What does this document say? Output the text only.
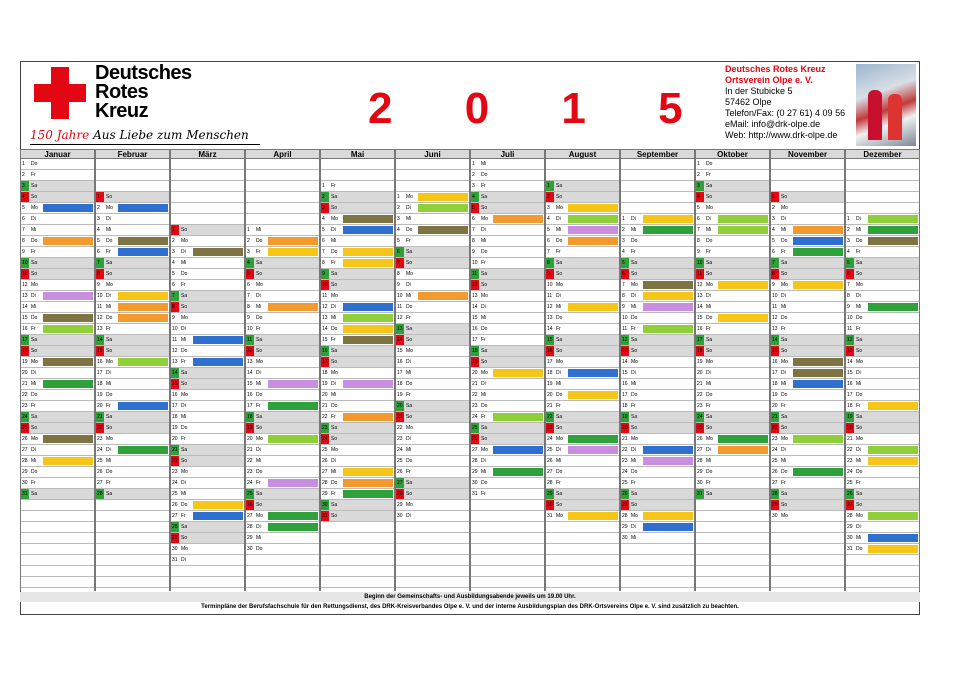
Deutsches
Rotes
Kreuz
150 Jahre Aus Liebe zum Menschen
2 0 1 5
Deutsches Rotes Kreuz
Ortsverein Olpe e. V.
In der Stubicke 5
57462 Olpe
Telefon/Fax: (0 27 61) 4 09 56
eMail: info@drk-olpe.de
Web: http://www.drk-olpe.de
Januar
1 Do
2 Fr
3 Sa
4 So
5 Mo
6 Di
7 Mi
8 Do
9 Fr
10 Sa
11 So
12 Mo
13 Di
14 Mi
15 Do
16 Fr
17 Sa
18 So
19 Mo
20 Di
21 Mi
22 Do
23 Fr
24 Sa
25 So
26 Mo
27 Di
28 Mi
29 Do
30 Fr
31 Sa
Februar
1 So
2 Mo
3 Di
4 Mi
5 Do
6 Fr
7 Sa
8 So
9 Mo
10 Di
11 Mi
12 Do
13 Fr
14 Sa
15 So
16 Mo
17 Di
18 Mi
19 Do
20 Fr
21 Sa
22 So
23 Mo
24 Di
25 Mi
26 Do
27 Fr
28 Sa
März
1 So
2 Mo
3 Di
4 Mi
5 Do
6 Fr
7 Sa
8 So
9 Mo
10 Di
11 Mi
12 Do
13 Fr
14 Sa
15 So
16 Mo
17 Di
18 Mi
19 Do
20 Fr
21 Sa
22 So
23 Mo
24 Di
25 Mi
26 Do
27 Fr
28 Sa
29 So
30 Mo
31 Di
April
1 Mi
2 Do
3 Fr
4 Sa
5 So
6 Mo
7 Di
8 Mi
9 Do
10 Fr
11 Sa
12 So
13 Mo
14 Di
15 Mi
16 Do
17 Fr
18 Sa
19 So
20 Mo
21 Di
22 Mi
23 Do
24 Fr
25 Sa
26 So
27 Mo
28 Di
29 Mi
30 Do
Mai
1 Fr
2 Sa
3 So
4 Mo
5 Di
6 Mi
7 Do
8 Fr
9 Sa
10 So
11 Mo
12 Di
13 Mi
14 Do
15 Fr
16 Sa
17 So
18 Mo
19 Di
20 Mi
21 Do
22 Fr
23 Sa
24 So
25 Mo
26 Di
27 Mi
28 Do
29 Fr
30 Sa
31 So
Juni
1 Mo
2 Di
3 Mi
4 Do
5 Fr
6 Sa
7 So
8 Mo
9 Di
10 Mi
11 Do
12 Fr
13 Sa
14 So
15 Mo
16 Di
17 Mi
18 Do
19 Fr
20 Sa
21 So
22 Mo
23 Di
24 Mi
25 Do
26 Fr
27 Sa
28 So
29 Mo
30 Di
Juli
1 Mi
2 Do
3 Fr
4 Sa
5 So
6 Mo
7 Di
8 Mi
9 Do
10 Fr
11 Sa
12 So
13 Mo
14 Di
15 Mi
16 Do
17 Fr
18 Sa
19 So
20 Mo
21 Di
22 Mi
23 Do
24 Fr
25 Sa
26 So
27 Mo
28 Di
29 Mi
30 Do
31 Fr
August
1 Sa
2 So
3 Mo
4 Di
5 Mi
6 Do
7 Fr
8 Sa
9 So
10 Mo
11 Di
12 Mi
13 Do
14 Fr
15 Sa
16 So
17 Mo
18 Di
19 Mi
20 Do
21 Fr
22 Sa
23 So
24 Mo
25 Di
26 Mi
27 Do
28 Fr
29 Sa
30 So
31 Mo
September
1 Di
2 Mi
3 Do
4 Fr
5 Sa
6 So
7 Mo
8 Di
9 Mi
10 Do
11 Fr
12 Sa
13 So
14 Mo
15 Di
16 Mi
17 Do
18 Fr
19 Sa
20 So
21 Mo
22 Di
23 Mi
24 Do
25 Fr
26 Sa
27 So
28 Mo
29 Di
30 Mi
Oktober
1 Do
2 Fr
3 Sa
4 So
5 Mo
6 Di
7 Mi
8 Do
9 Fr
10 Sa
11 So
12 Mo
13 Di
14 Mi
15 Do
16 Fr
17 Sa
18 So
19 Mo
20 Di
21 Mi
22 Do
23 Fr
24 Sa
25 So
26 Mo
27 Di
28 Mi
29 Do
30 Fr
31 Sa
November
1 So
2 Mo
3 Di
4 Mi
5 Do
6 Fr
7 Sa
8 So
9 Mo
10 Di
11 Mi
12 Do
13 Fr
14 Sa
15 So
16 Mo
17 Di
18 Mi
19 Do
20 Fr
21 Sa
22 So
23 Mo
24 Di
25 Mi
26 Do
27 Fr
28 Sa
29 So
30 Mo
Dezember
1 Di
2 Mi
3 Do
4 Fr
5 Sa
6 So
7 Mo
8 Di
9 Mi
10 Do
11 Fr
12 Sa
13 So
14 Mo
15 Di
16 Mi
17 Do
18 Fr
19 Sa
20 So
21 Mo
22 Di
23 Mi
24 Do
25 Fr
26 Sa
27 So
28 Mo
29 Di
30 Mi
31 Do
Beginn der Gemeinschafts- und Ausbildungsabende jeweils um 19.00 Uhr.
Terminpläne der Berufsfachschule für den Rettungsdienst, des DRK-Kreisverbandes Olpe e. V. und der interne Ausbildungsplan des DRK-Ortsvereins Olpe e. V. sind zusätzlich zu beachten.
